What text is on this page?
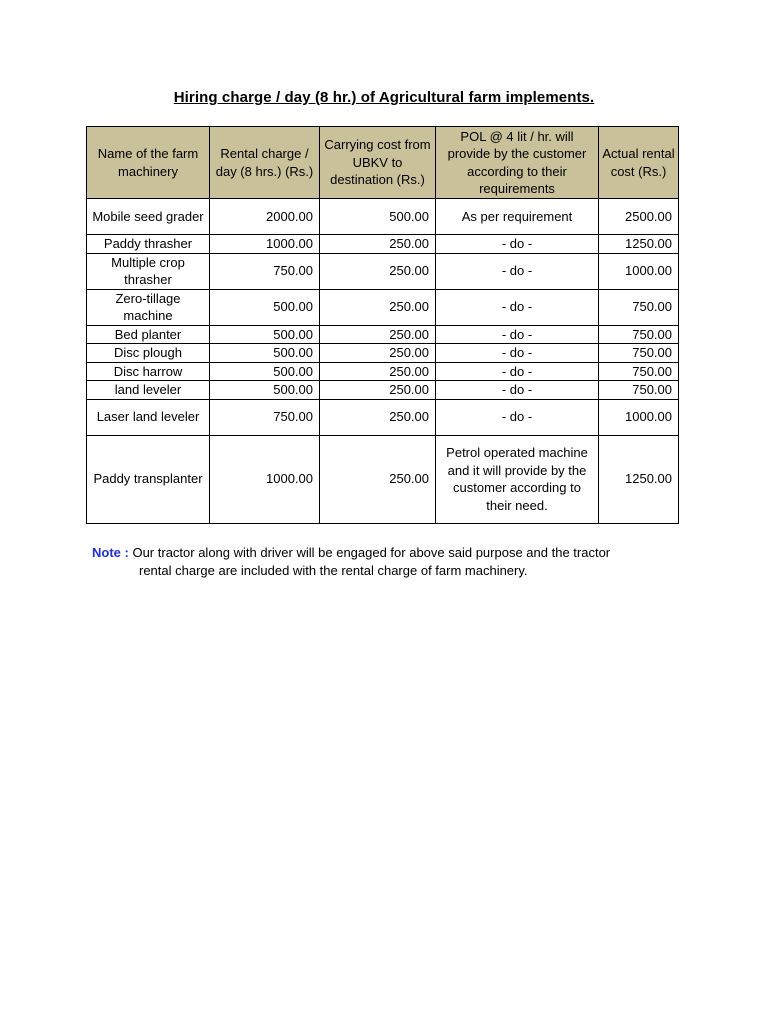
Hiring charge / day (8 hr.) of Agricultural farm implements.
Name of the farm machinery	Rental charge / day (8 hrs.) (Rs.)	Carrying cost from UBKV to destination (Rs.)	POL @ 4 lit / hr. will provide by the customer according to their requirements	Actual rental cost (Rs.)
Mobile seed grader	2000.00	500.00	As per requirement	2500.00
Paddy thrasher	1000.00	250.00	- do -	1250.00
Multiple crop thrasher	750.00	250.00	- do -	1000.00
Zero-tillage machine	500.00	250.00	- do -	750.00
Bed planter	500.00	250.00	- do -	750.00
Disc plough	500.00	250.00	- do -	750.00
Disc harrow	500.00	250.00	- do -	750.00
land leveler	500.00	250.00	- do -	750.00
Laser land leveler	750.00	250.00	- do -	1000.00
Paddy transplanter	1000.00	250.00	Petrol operated machine and it will provide by the customer according to their need.	1250.00
Note : Our tractor along with driver will be engaged for above said purpose and the tractor
rental charge are included with the rental charge of farm machinery.
